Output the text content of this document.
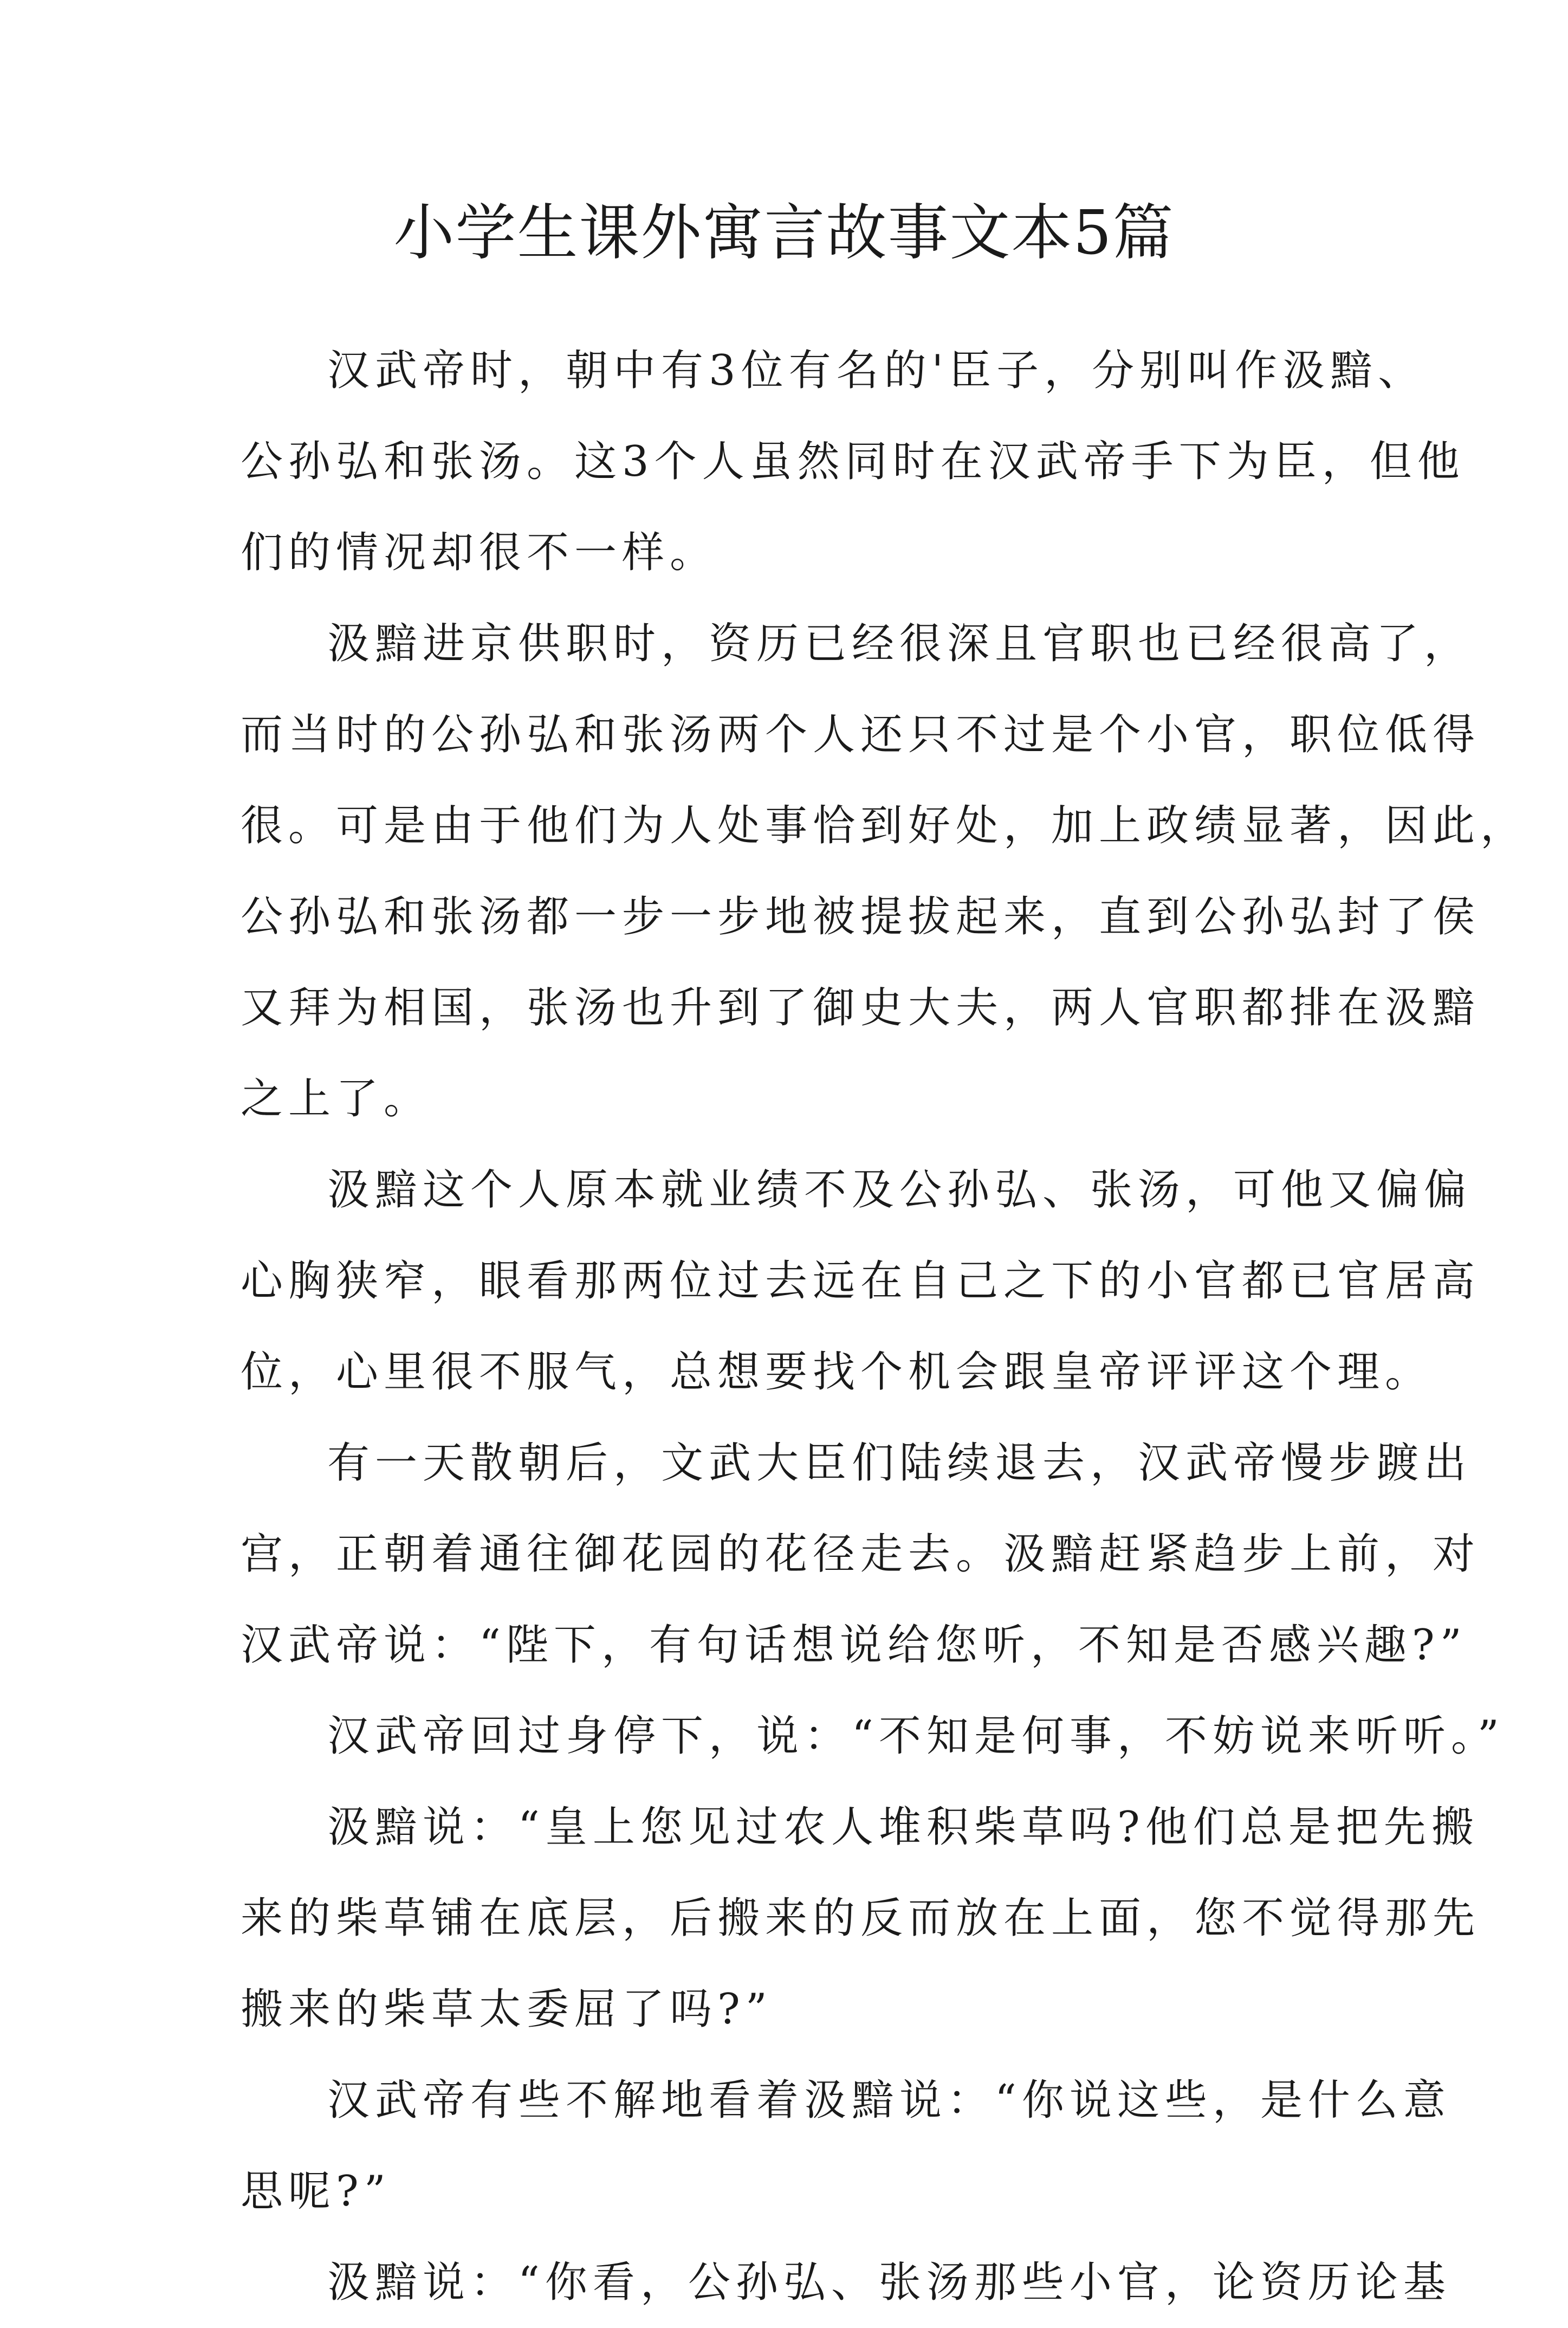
小学生课外寓言故事文本5篇
汉武帝时，朝中有3位有名的'臣子，分别叫作汲黯、
公孙弘和张汤。这3个人虽然同时在汉武帝手下为臣，但他
们的情况却很不一样。
汲黯进京供职时，资历已经很深且官职也已经很高了，
而当时的公孙弘和张汤两个人还只不过是个小官，职位低得
很。可是由于他们为人处事恰到好处，加上政绩显著，因此，
公孙弘和张汤都一步一步地被提拔起来，直到公孙弘封了侯
又拜为相国，张汤也升到了御史大夫，两人官职都排在汲黯
之上了。
汲黯这个人原本就业绩不及公孙弘、张汤，可他又偏偏
心胸狭窄，眼看那两位过去远在自己之下的小官都已官居高
位，心里很不服气，总想要找个机会跟皇帝评评这个理。
有一天散朝后，文武大臣们陆续退去，汉武帝慢步踱出
宫，正朝着通往御花园的花径走去。汲黯赶紧趋步上前，对
汉武帝说：“陛下，有句话想说给您听，不知是否感兴趣?”
汉武帝回过身停下，说：“不知是何事，不妨说来听听。”
汲黯说：“皇上您见过农人堆积柴草吗?他们总是把先搬
来的柴草铺在底层，后搬来的反而放在上面，您不觉得那先
搬来的柴草太委屈了吗?”
汉武帝有些不解地看着汲黯说：“你说这些，是什么意
思呢?”
汲黯说：“你看，公孙弘、张汤那些小官，论资历论基
